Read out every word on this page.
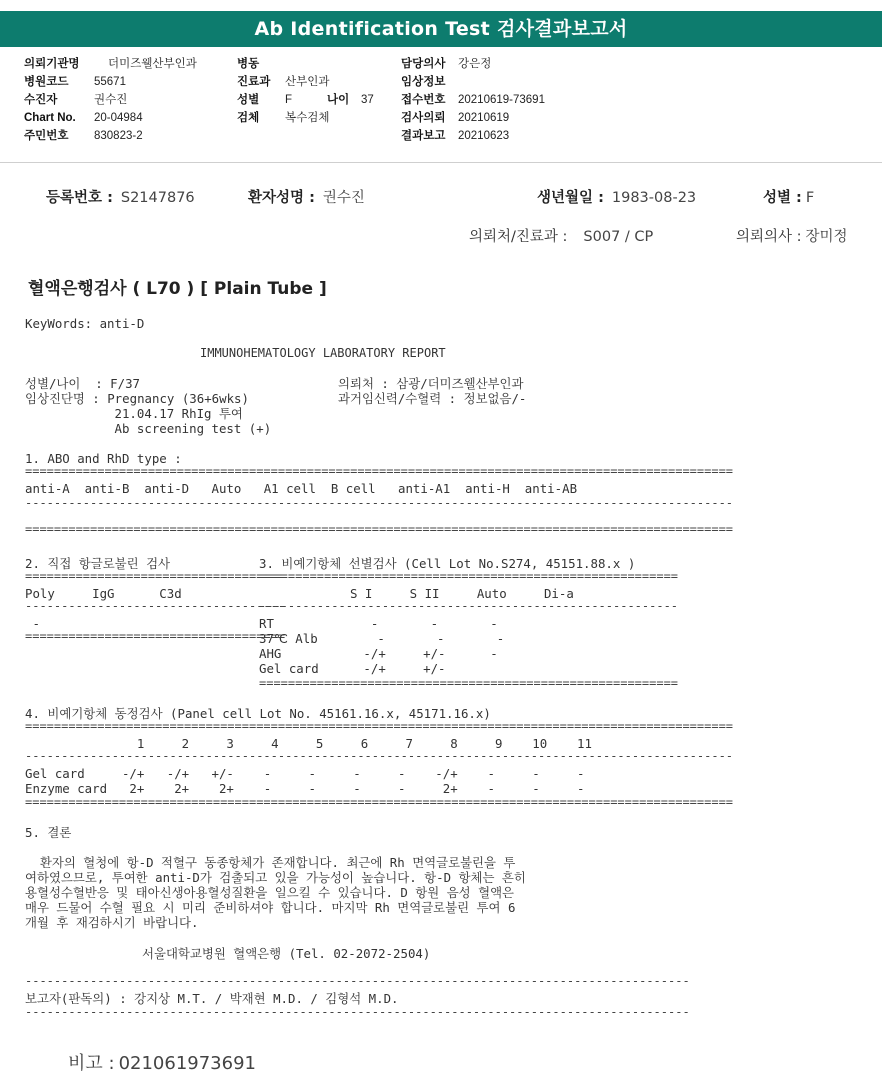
Ab Identification Test 검사결과보고서
의뢰기관명 더미즈웰산부인과
병원코드 55671
수진자	권수진
Chart No. 20-04984
주민번호 830823-2
병동
진료과 산부인과
성별 F	나이 37
검체 복수검체
담당의사 강은정
임상정보
접수번호 20210619-73691
검사의뢰 20210619
결과보고 20210623
등록번호 : S2147876	환자성명 : 권수진	생년월일 : 1983-08-23	성별 : F
의뢰처/진료과 : S007 / CP	의뢰의사 : 장미정
혈액은행검사 ( L70 ) [ Plain Tube ]
KeyWords: anti-D
IMMUNOHEMATOLOGY LABORATORY REPORT
성별/나이  : F/37
임상진단명 : Pregnancy (36+6wks)
21.04.17 RhIg 투여
Ab screening test (+)
의뢰처 : 삼광/더미즈웰산부인과
과거임신력/수혈력 : 정보없음/-
1. ABO and RhD type :
==================================================================================================
anti-A  anti-B  anti-D   Auto   A1 cell  B cell   anti-A1  anti-H  anti-AB
--------------------------------------------------------------------------------------------------
==================================================================================================
2. 직접 항글로불린 검사
====================================
Poly     IgG      C3d
------------------------------------
-
====================================
3. 비예기항체 선별검사 (Cell Lot No.S274, 45151.88.x )
==========================================================
S I     S II     Auto     Di-a
----------------------------------------------------------
RT             -       -       -
37℃ Alb        -       -       -
AHG           -/+     +/-      -
Gel card      -/+     +/-
==========================================================
4. 비예기항체 동정검사 (Panel cell Lot No. 45161.16.x, 45171.16.x)
==================================================================================================
1     2     3     4     5     6     7     8     9    10    11
--------------------------------------------------------------------------------------------------
Gel card     -/+   -/+   +/-    -     -     -     -    -/+    -     -     -
Enzyme card   2+    2+    2+    -     -     -     -     2+    -     -     -
==================================================================================================
5. 결론
환자의 혈청에 항-D 적혈구 동종항체가 존재합니다. 최근에 Rh 면역글로불린을 투
여하였으므로, 투여한 anti-D가 검출되고 있을 가능성이 높습니다. 항-D 항체는 흔히
용혈성수혈반응 및 태아신생아용혈성질환을 일으킬 수 있습니다. D 항원 음성 혈액은
매우 드물어 수혈 필요 시 미리 준비하셔야 합니다. 마지막 Rh 면역글로불린 투여 6
개월 후 재검하시기 바랍니다.
서울대학교병원 혈액은행 (Tel. 02-2072-2504)
--------------------------------------------------------------------------------------------
보고자(판독의) : 강지상 M.T. / 박재현 M.D. / 김형석 M.D.
--------------------------------------------------------------------------------------------
비고 : 021061973691
